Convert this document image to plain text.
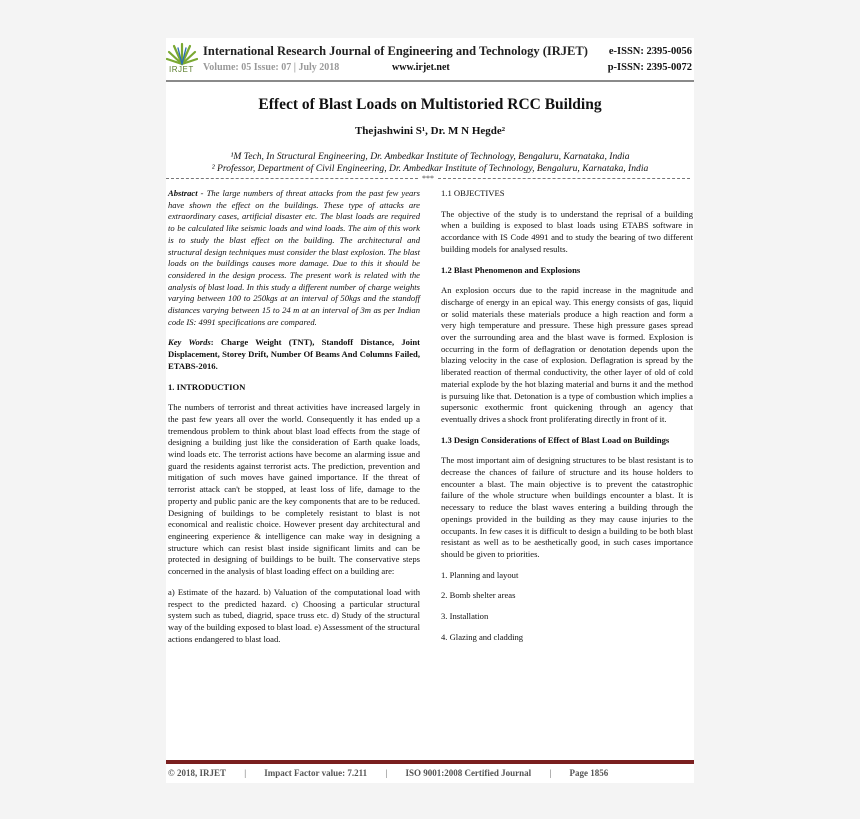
IRJET
International Research Journal of Engineering and Technology (IRJET) e-ISSN: 2395-0056
Volume: 05 Issue: 07 | July 2018	www.irjet.net	p-ISSN: 2395-0072
Effect of Blast Loads on Multistoried RCC Building
Thejashwini S¹, Dr. M N Hegde²
¹M Tech, In Structural Engineering, Dr. Ambedkar Institute of Technology, Bengaluru, Karnataka, India
² Professor, Department of Civil Engineering, Dr. Ambedkar Institute of Technology, Bengaluru, Karnataka, India
***

Abstract - The large numbers of threat attacks from the past few years have shown the effect on the buildings. These type of attacks are extraordinary cases, artificial disaster etc. The blast loads are required to be calculated like seismic loads and wind loads. The aim of this work is to study the blast effect on the building. The architectural and structural design techniques must consider the blast explosion. The blast loads on the buildings causes more damage. Due to this it should be considered in the design process. The present work is related with the analysis of blast load. In this study a different number of charge weights varying between 100 to 250kgs at an interval of 50kgs and the standoff distances varying between 15 to 24 m at an interval of 3m as per Indian code IS: 4991 specifications are compared.

Key Words: Charge Weight (TNT), Standoff Distance, Joint Displacement, Storey Drift, Number Of Beams And Columns Failed, ETABS-2016.

1. INTRODUCTION

The numbers of terrorist and threat activities have increased largely in the past few years all over the world. Consequently it has ended up a tremendous problem to think about blast load effects from the stage of designing a building just like the consideration of Earth quake loads, wind loads etc. The terrorist actions have become an alarming issue and guard the residents against terrorist acts. The prediction, prevention and mitigation of such moves have gained importance. If the threat of terrorist attack can't be stopped, at least loss of life, damage to the property and public panic are the key components that are to be reduced. Designing of buildings to be completely resistant to blast is not economical and realistic choice. However present day architectural and engineering experience & intelligence can make way in designing a structure which can resist blast inside significant limits and can be protected in designing of buildings to be built. The conservative steps concerned in the analysis of blast loading effect on a building are:

a) Estimate of the hazard. b) Valuation of the computational load with respect to the predicted hazard. c) Choosing a particular structural system such as tubed, diagrid, space truss etc. d) Study of the structural way of the building exposed to blast load. e) Assessment of the structural actions endangered to blast load.

1.1 OBJECTIVES

The objective of the study is to understand the reprisal of a building when a building is exposed to blast loads using ETABS software in accordance with IS Code 4991 and to study the bearing of two different building models for analysed results.

1.2 Blast Phenomenon and Explosions

An explosion occurs due to the rapid increase in the magnitude and discharge of energy in an epical way. This energy consists of gas, liquid or solid materials these materials produce a high reaction and form a very high temperature and pressure. These high pressure gases spread over the surrounding area and the blast wave is formed. Explosion is occurring in the form of deflagration or denotation depends upon the blazing velocity in the case of explosion. Deflagration is spread by the liberated reaction of thermal conductivity, the other layer of old of cold material explode by the hot blazing material and burns it and the method is pursuing like that. Detonation is a type of combustion which implies a supersonic exothermic front quickening through an agency that eventually drives a shock front proliferating directly in front of it.

1.3 Design Considerations of Effect of Blast Load on Buildings

The most important aim of designing structures to be blast resistant is to decrease the chances of failure of structure and its house holders to encounter a blast. The main objective is to prevent the catastrophic failure of the whole structure when buildings encounter a blast. It is necessary to reduce the blast waves entering a building through the openings provided in the building as they may cause injuries to the occupants. In few cases it is difficult to design a building to be both blast resistant as well as to be aesthetically good, in such cases importance should be given to priorities.

1. Planning and layout
2. Bomb shelter areas
3. Installation
4. Glazing and cladding
© 2018, IRJET | Impact Factor value: 7.211 | ISO 9001:2008 Certified Journal | Page 1856
